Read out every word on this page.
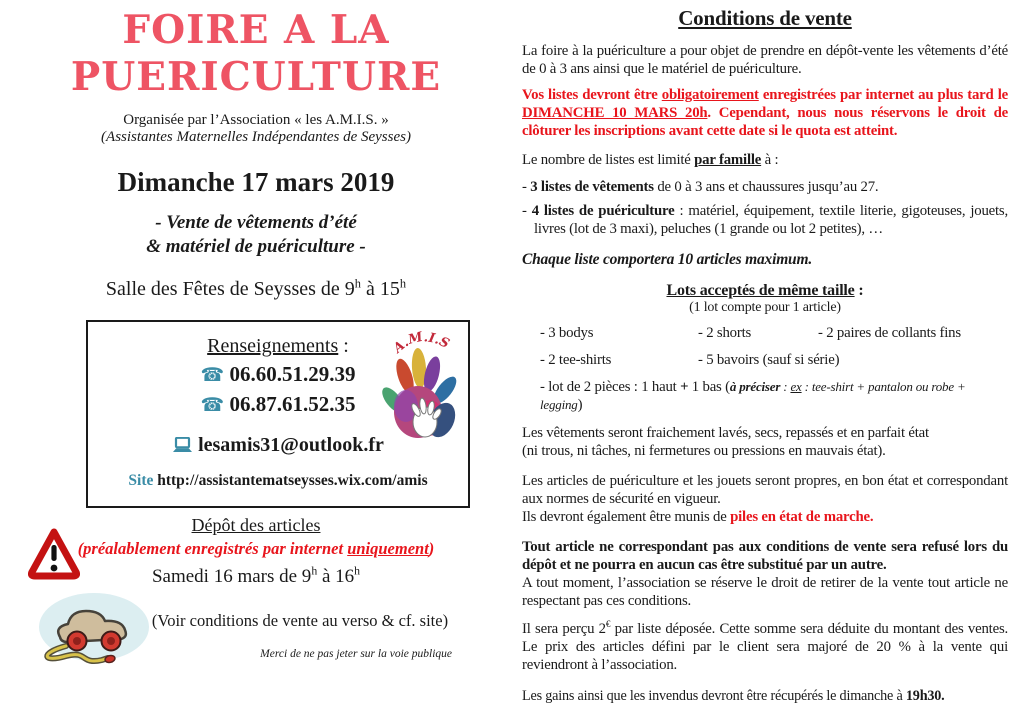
FOIRE A LA
PUERICULTURE
Organisée par l’Association « les A.M.I.S. »
(Assistantes Maternelles Indépendantes de Seysses)
Dimanche 17 mars 2019
- Vente de vêtements d’été
& matériel de puériculture -
Salle des Fêtes de Seysses de 9$^h$ à 15$^h$
Renseignements :
☎︎ 06.60.51.29.39
☎︎ 06.87.61.52.35
lesamis31@outlook.fr
Site http://assistantematseysses.wix.com/amis
A.M.I.S
Dépôt des articles
(préalablement enregistrés par internet uniquement)
Samedi 16 mars de 9$^h$ à 16$^h$
(Voir conditions de vente au verso & cf. site)
Merci de ne pas jeter sur la voie publique
Conditions de vente
La foire à la puériculture a pour objet de prendre en dépôt-vente les vêtements d’été de 0 à 3 ans ainsi que le matériel de puériculture.
Vos listes devront être obligatoirement enregistrées par internet au plus tard le DIMANCHE 10 MARS 20h. Cependant, nous nous réservons le droit de clôturer les inscriptions avant cette date si le quota est atteint.
Le nombre de listes est limité par famille à :
- 3 listes de vêtements de 0 à 3 ans et chaussures jusqu’au 27.
- 4 listes de puériculture : matériel, équipement, textile literie, gigoteuses, jouets, livres (lot de 3 maxi), peluches (1 grande ou lot 2 petites), …
Chaque liste comportera 10 articles maximum.
Lots acceptés de même taille :
(1 lot compte pour 1 article)
- 3 bodys	- 2 shorts	- 2 paires de collants fins
- 2 tee-shirts	- 5 bavoirs (sauf si série)
- lot de 2 pièces : 1 haut + 1 bas (à préciser : ex : tee-shirt + pantalon ou robe + legging)
Les vêtements seront fraichement lavés, secs, repassés et en parfait état
(ni trous, ni tâches, ni fermetures ou pressions en mauvais état).
Les articles de puériculture et les jouets seront propres, en bon état et correspondant aux normes de sécurité en vigueur.
Ils devront également être munis de piles en état de marche.
Tout article ne correspondant pas aux conditions de vente sera refusé lors du dépôt et ne pourra en aucun cas être substitué par un autre.
A tout moment, l’association se réserve le droit de retirer de la vente tout article ne respectant pas ces conditions.
Il sera perçu 2€ par liste déposée. Cette somme sera déduite du montant des ventes. Le prix des articles défini par le client sera majoré de 20 % à la vente qui reviendront à l’association.
Les gains ainsi que les invendus devront être récupérés le dimanche à 19h30.
